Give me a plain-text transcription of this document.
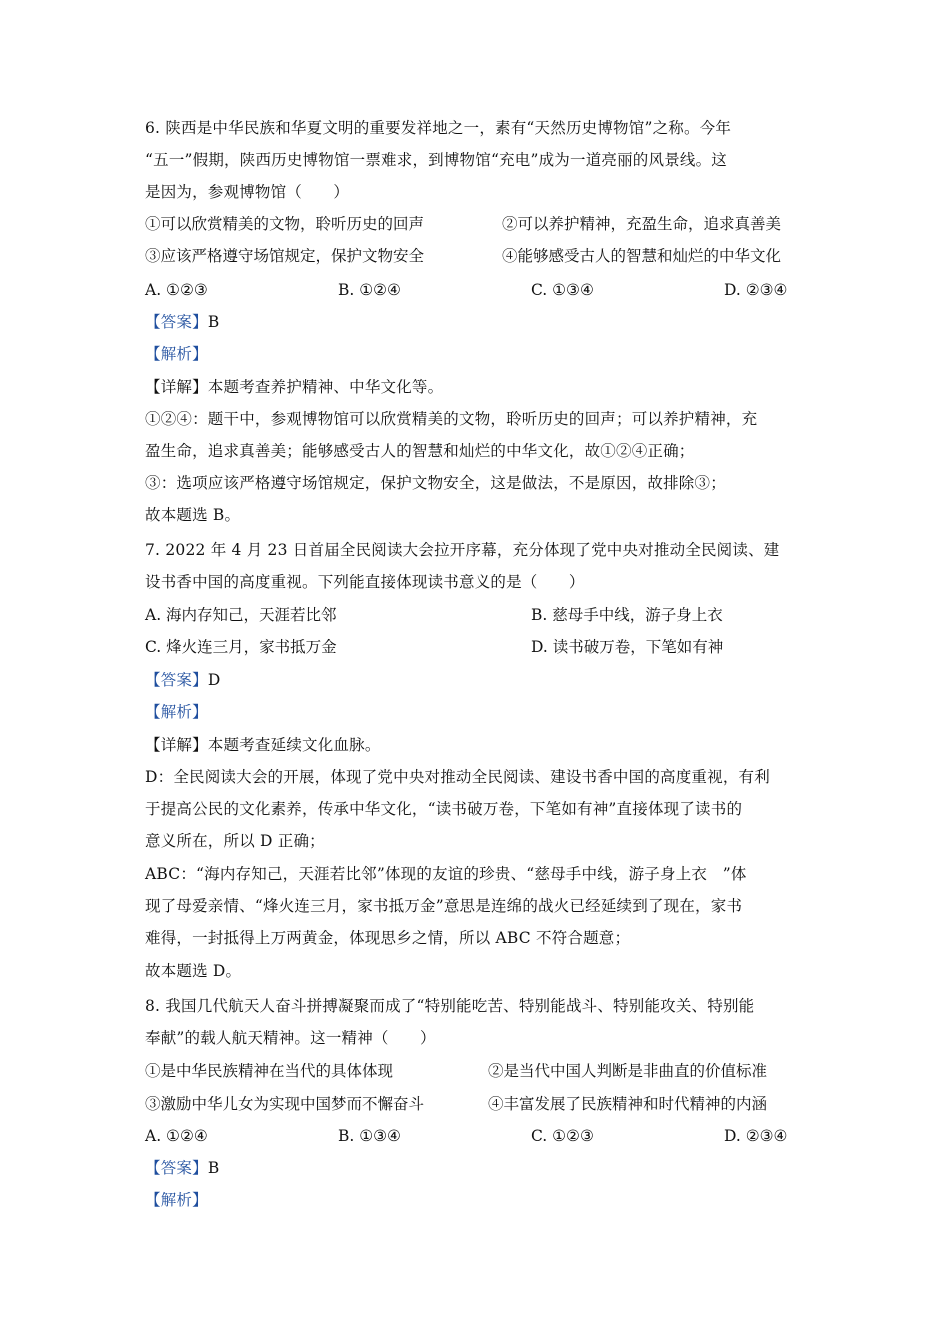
6. 陕西是中华民族和华夏文明的重要发祥地之一，素有“天然历史博物馆”之称。今年
“五一”假期，陕西历史博物馆一票难求，到博物馆“充电”成为一道亮丽的风景线。这
是因为，参观博物馆（　　）
①可以欣赏精美的文物，聆听历史的回声	②可以养护精神，充盈生命，追求真善美
③应该严格遵守场馆规定，保护文物安全	④能够感受古人的智慧和灿烂的中华文化
A. ①②③	B. ①②④	C. ①③④	D. ②③④
【答案】B
【解析】
【详解】本题考查养护精神、中华文化等。
①②④：题干中，参观博物馆可以欣赏精美的文物，聆听历史的回声；可以养护精神，充
盈生命，追求真善美；能够感受古人的智慧和灿烂的中华文化，故①②④正确；
③：选项应该严格遵守场馆规定，保护文物安全，这是做法，不是原因，故排除③；
故本题选 B。
7. 2022 年 4 月 23 日首届全民阅读大会拉开序幕，充分体现了党中央对推动全民阅读、建
设书香中国的高度重视。下列能直接体现读书意义的是（　　）
A. 海内存知己，天涯若比邻	B. 慈母手中线，游子身上衣
C. 烽火连三月，家书抵万金	D. 读书破万卷，下笔如有神
【答案】D
【解析】
【详解】本题考查延续文化血脉。
D：全民阅读大会的开展，体现了党中央对推动全民阅读、建设书香中国的高度重视，有利
于提高公民的文化素养，传承中华文化，“读书破万卷，下笔如有神”直接体现了读书的
意义所在，所以 D 正确；
ABC：“海内存知己，天涯若比邻”体现的友谊的珍贵、“慈母手中线，游子身上衣　”体
现了母爱亲情、“烽火连三月，家书抵万金”意思是连绵的战火已经延续到了现在，家书
难得，一封抵得上万两黄金，体现思乡之情，所以 ABC 不符合题意；
故本题选 D。
8. 我国几代航天人奋斗拼搏凝聚而成了“特别能吃苦、特别能战斗、特别能攻关、特别能
奉献”的载人航天精神。这一精神（　　）
①是中华民族精神在当代的具体体现	②是当代中国人判断是非曲直的价值标准
③激励中华儿女为实现中国梦而不懈奋斗	④丰富发展了民族精神和时代精神的内涵
A. ①②④	B. ①③④	C. ①②③	D. ②③④
【答案】B
【解析】
